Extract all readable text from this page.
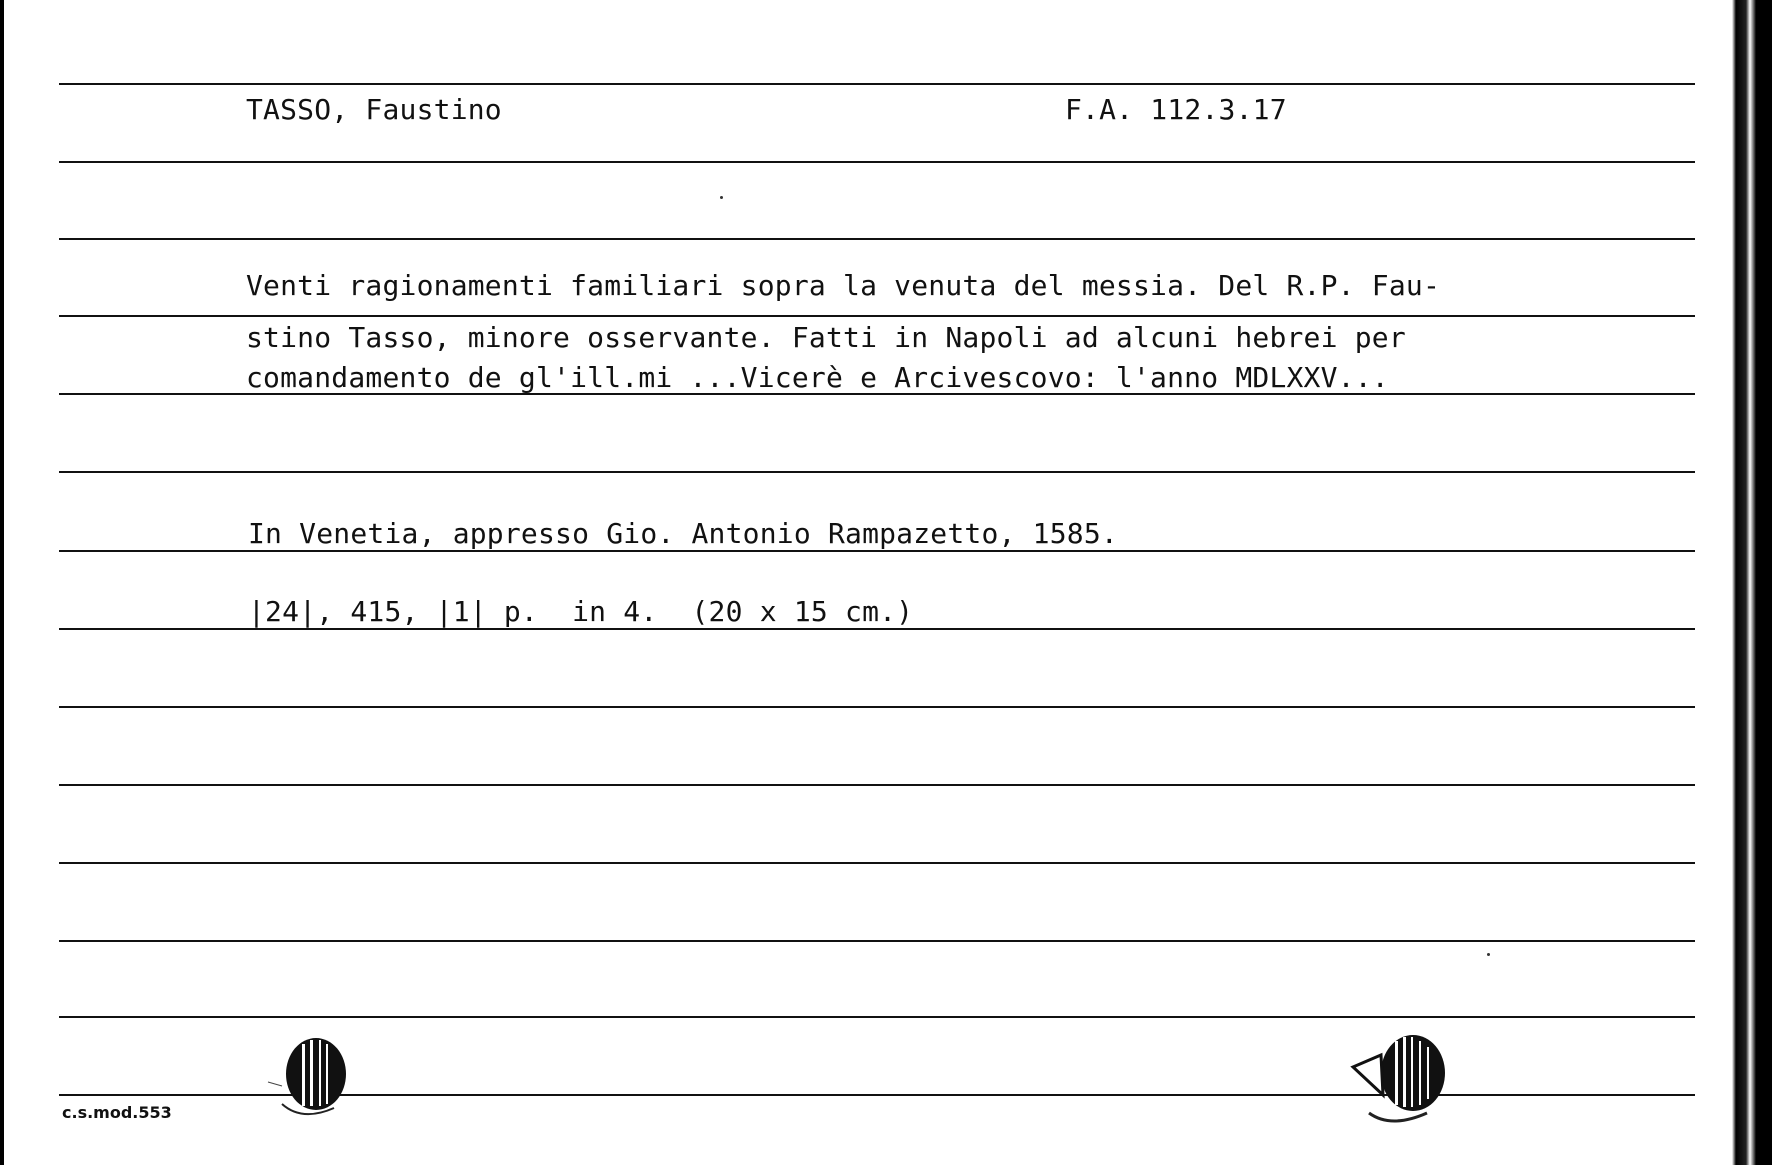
TASSO, Faustino	F.A. 112.3.17
Venti ragionamenti familiari sopra la venuta del messia. Del R.P. Fau-
stino Tasso, minore osservante. Fatti in Napoli ad alcuni hebrei per
comandamento de gl'ill.mi ...Vicerè e Arcivescovo: l'anno MDLXXV...
In Venetia, appresso Gio. Antonio Rampazetto, 1585.
|24|, 415, |1| p.  in 4.  (20 x 15 cm.)
c.s.mod.553
